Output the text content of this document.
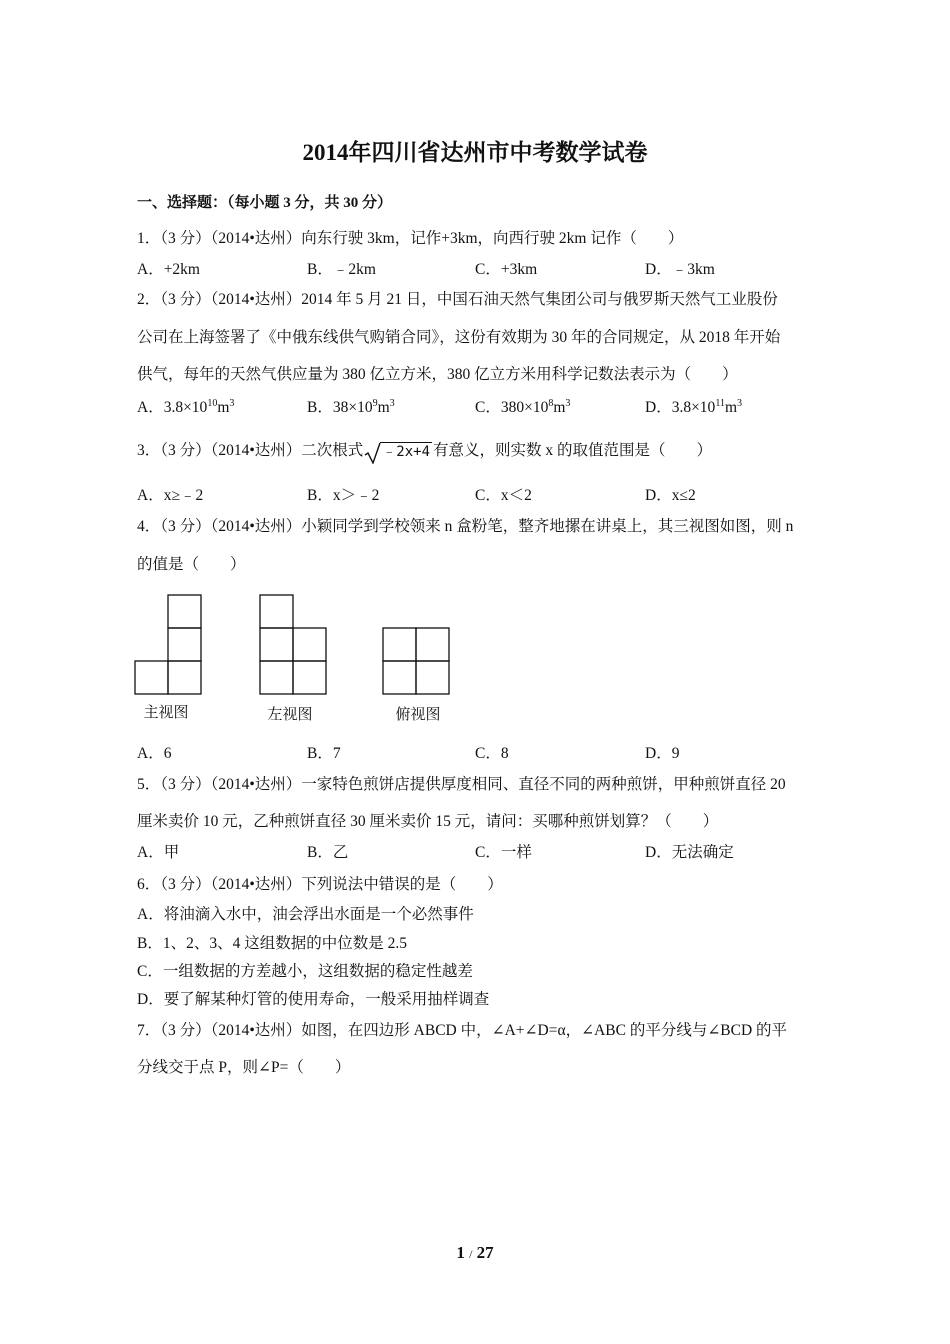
2014年四川省达州市中考数学试卷
一、选择题：（每小题 3 分，共 30 分）
1．（3 分）（2014•达州）向东行驶 3km，记作+3km，向西行驶 2km 记作（　　）
A．+2km	B．﹣2km	C．+3km	D．﹣3km
2．（3 分）（2014•达州）2014 年 5 月 21 日，中国石油天然气集团公司与俄罗斯天然气工业股份
公司在上海签署了《中俄东线供气购销合同》，这份有效期为 30 年的合同规定，从 2018 年开始
供气，每年的天然气供应量为 380 亿立方米，380 亿立方米用科学记数法表示为（　　）
A．$3.8\times 10^{10}m^3$	B．$38\times 10^9m^3$	C．$380\times 10^8m^3$	D．$3.8\times 10^{11}m^3$
3．（3 分）（2014•达州）二次根式 ﹣2x+4 有意义，则实数 x 的取值范围是（　　）
A．x≥﹣2	B．x＞﹣2	C．x＜2	D．x≤2
4．（3 分）（2014•达州）小颖同学到学校领来 n 盒粉笔，整齐地摞在讲桌上，其三视图如图，则 n
的值是（　　）
主视图	左视图	俯视图
A．6	B．7	C．8	D．9
5．（3 分）（2014•达州）一家特色煎饼店提供厚度相同、直径不同的两种煎饼，甲种煎饼直径 20
厘米卖价 10 元，乙种煎饼直径 30 厘米卖价 15 元，请问：买哪种煎饼划算？（　　）
A．甲	B．乙	C．一样	D．无法确定
6．（3 分）（2014•达州）下列说法中错误的是（　　）
A．将油滴入水中，油会浮出水面是一个必然事件
B．1、2、3、4 这组数据的中位数是 2.5
C．一组数据的方差越小，这组数据的稳定性越差
D．要了解某种灯管的使用寿命，一般采用抽样调查
7．（3 分）（2014•达州）如图，在四边形 ABCD 中，∠A+∠D=α，∠ABC 的平分线与∠BCD 的平
分线交于点 P，则∠P=（　　）
1 / 27
